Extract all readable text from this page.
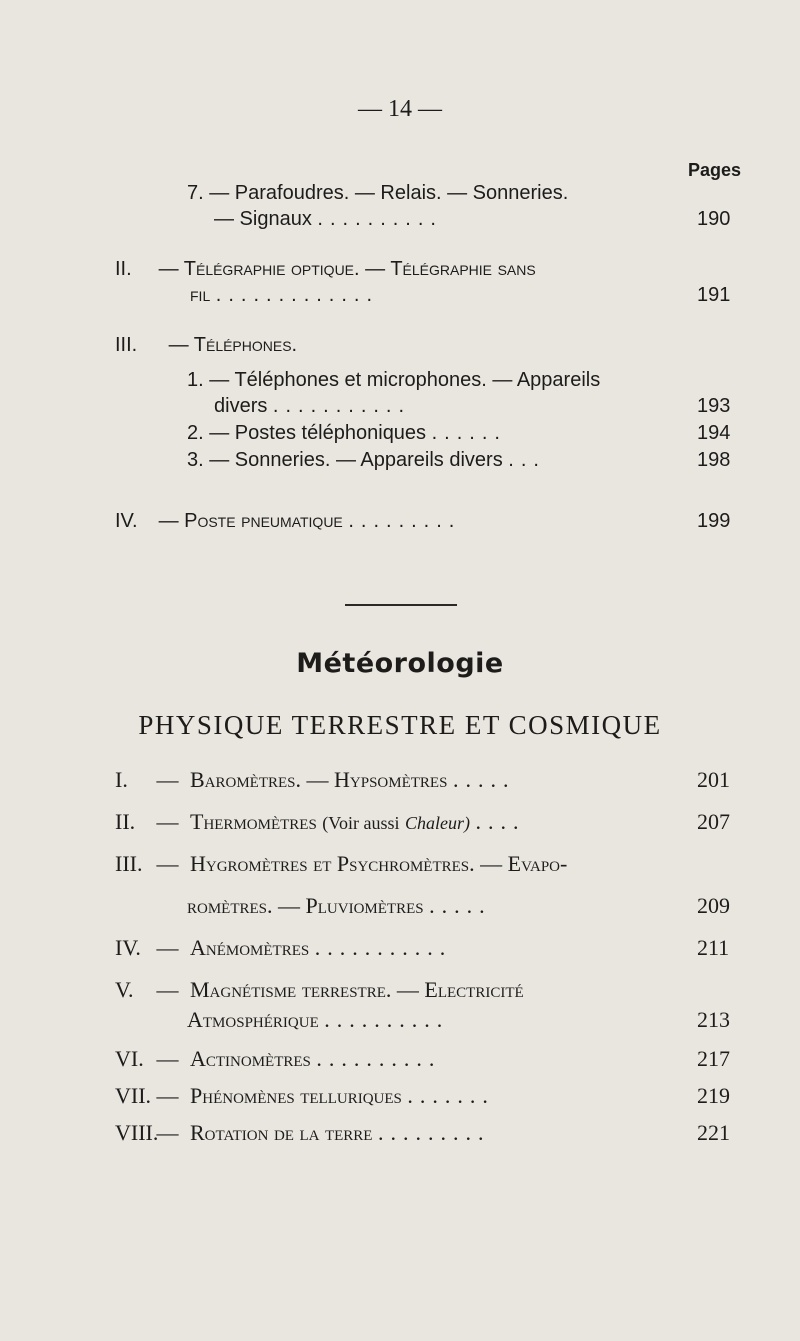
— 14 —
Pages
7. — Parafoudres. — Relais. — Sonneries.
— Signaux ..........	190
II. — Télégraphie optique. — Télégraphie sans
fil .............	191
III. — Téléphones.
1. — Téléphones et microphones. — Appareils
divers ...........	193
2. — Postes téléphoniques ......	194
3. — Sonneries. — Appareils divers ...	198
IV. — Poste pneumatique .........	199
Météorologie
PHYSIQUE TERRESTRE ET COSMIQUE
I. — Baromètres. — Hypsomètres .....	201
II. — Thermomètres (Voir aussi Chaleur) ....	207
III. — Hygromètres et Psychromètres. — Evapo-
romètres. — Pluviomètres .....	209
IV. — Anémomètres ...........	211
V. — Magnétisme terrestre. — Electricité
Atmosphérique ..........	213
VI. — Actinomètres ..........	217
VII. — Phénomènes telluriques .......	219
VIII. — Rotation de la terre .........	221
